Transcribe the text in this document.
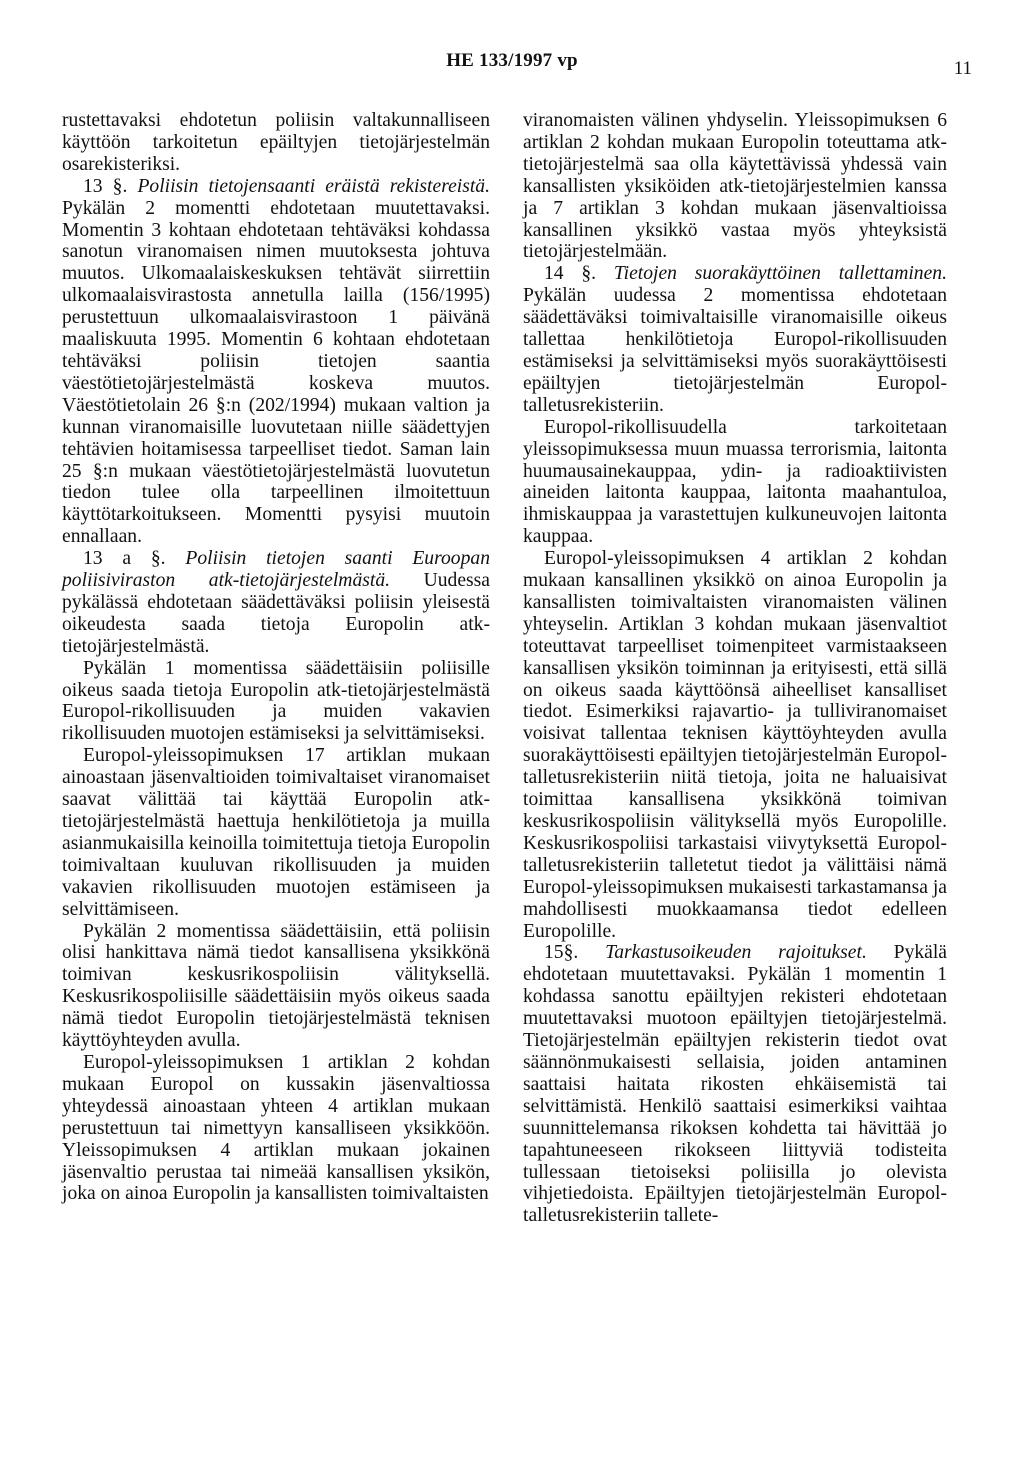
HE 133/1997 vp	11

rustettavaksi ehdotetun poliisin valtakunnalliseen käyttöön tarkoitetun epäiltyjen tietojärjestelmän osarekisteriksi.

13 §. Poliisin tietojensaanti eräistä rekistereistä. Pykälän 2 momentti ehdotetaan muutettavaksi. Momentin 3 kohtaan ehdotetaan tehtäväksi kohdassa sanotun viranomaisen nimen muutoksesta johtuva muutos. Ulkomaalaiskeskuksen tehtävät siirrettiin ulkomaalaisvirastosta annetulla lailla (156/1995) perustettuun ulkomaalaisvirastoon 1 päivänä maaliskuuta 1995. Momentin 6 kohtaan ehdotetaan tehtäväksi poliisin tietojen saantia väestötietojärjestelmästä koskeva muutos. Väestötietolain 26 §:n (202/1994) mukaan valtion ja kunnan viranomaisille luovutetaan niille säädettyjen tehtävien hoitamisessa tarpeelliset tiedot. Saman lain 25 §:n mukaan väestötietojärjestelmästä luovutetun tiedon tulee olla tarpeellinen ilmoitettuun käyttötarkoitukseen. Momentti pysyisi muutoin ennallaan.

13 a §. Poliisin tietojen saanti Euroopan poliisiviraston atk-tietojärjestelmästä. Uudessa pykälässä ehdotetaan säädettäväksi poliisin yleisestä oikeudesta saada tietoja Europolin atk-tietojärjestelmästä.

Pykälän 1 momentissa säädettäisiin poliisille oikeus saada tietoja Europolin atk-tietojärjestelmästä Europol-rikollisuuden ja muiden vakavien rikollisuuden muotojen estämiseksi ja selvittämiseksi.

Europol-yleissopimuksen 17 artiklan mukaan ainoastaan jäsenvaltioiden toimivaltaiset viranomaiset saavat välittää tai käyttää Europolin atk-tietojärjestelmästä haettuja henkilötietoja ja muilla asianmukaisilla keinoilla toimitettuja tietoja Europolin toimivaltaan kuuluvan rikollisuuden ja muiden vakavien rikollisuuden muotojen estämiseen ja selvittämiseen.

Pykälän 2 momentissa säädettäisiin, että poliisin olisi hankittava nämä tiedot kansallisena yksikkönä toimivan keskusrikospoliisin välityksellä. Keskusrikospoliisille säädettäisiin myös oikeus saada nämä tiedot Europolin tietojärjestelmästä teknisen käyttöyhteyden avulla.

Europol-yleissopimuksen 1 artiklan 2 kohdan mukaan Europol on kussakin jäsenvaltiossa yhteydessä ainoastaan yhteen 4 artiklan mukaan perustettuun tai nimettyyn kansalliseen yksikköön. Yleissopimuksen 4 artiklan mukaan jokainen jäsenvaltio perustaa tai nimeää kansallisen yksikön, joka on ainoa Europolin ja kansallisten toimivaltaisten

viranomaisten välinen yhdyselin. Yleissopimuksen 6 artiklan 2 kohdan mukaan Europolin toteuttama atk-tietojärjestelmä saa olla käytettävissä yhdessä vain kansallisten yksiköiden atk-tietojärjestelmien kanssa ja 7 artiklan 3 kohdan mukaan jäsenvaltioissa kansallinen yksikkö vastaa myös yhteyksistä tietojärjestelmään.

14 §. Tietojen suorakäyttöinen tallettaminen. Pykälän uudessa 2 momentissa ehdotetaan säädettäväksi toimivaltaisille viranomaisille oikeus tallettaa henkilötietoja Europol-rikollisuuden estämiseksi ja selvittämiseksi myös suorakäyttöisesti epäiltyjen tietojärjestelmän Europol-talletusrekisteriin.

Europol-rikollisuudella tarkoitetaan yleissopimuksessa muun muassa terrorismia, laitonta huumausainekauppaa, ydin- ja radioaktiivisten aineiden laitonta kauppaa, laitonta maahantuloa, ihmiskauppaa ja varastettujen kulkuneuvojen laitonta kauppaa.

Europol-yleissopimuksen 4 artiklan 2 kohdan mukaan kansallinen yksikkö on ainoa Europolin ja kansallisten toimivaltaisten viranomaisten välinen yhteyselin. Artiklan 3 kohdan mukaan jäsenvaltiot toteuttavat tarpeelliset toimenpiteet varmistaakseen kansallisen yksikön toiminnan ja erityisesti, että sillä on oikeus saada käyttöönsä aiheelliset kansalliset tiedot. Esimerkiksi rajavartio- ja tulliviranomaiset voisivat tallentaa teknisen käyttöyhteyden avulla suorakäyttöisesti epäiltyjen tietojärjestelmän Europol-talletusrekisteriin niitä tietoja, joita ne haluaisivat toimittaa kansallisena yksikkönä toimivan keskusrikospoliisin välityksellä myös Europolille. Keskusrikospoliisi tarkastaisi viivytyksettä Europol-talletusrekisteriin talletetut tiedot ja välittäisi nämä Europol-yleissopimuksen mukaisesti tarkastamansa ja mahdollisesti muokkaamansa tiedot edelleen Europolille.

15§. Tarkastusoikeuden rajoitukset. Pykälä ehdotetaan muutettavaksi. Pykälän 1 momentin 1 kohdassa sanottu epäiltyjen rekisteri ehdotetaan muutettavaksi muotoon epäiltyjen tietojärjestelmä. Tietojärjestelmän epäiltyjen rekisterin tiedot ovat säännönmukaisesti sellaisia, joiden antaminen saattaisi haitata rikosten ehkäisemistä tai selvittämistä. Henkilö saattaisi esimerkiksi vaihtaa suunnittelemansa rikoksen kohdetta tai hävittää jo tapahtuneeseen rikokseen liittyviä todisteita tullessaan tietoiseksi poliisilla jo olevista vihjetiedoista. Epäiltyjen tietojärjestelmän Europol-talletusrekisteriin tallete-
